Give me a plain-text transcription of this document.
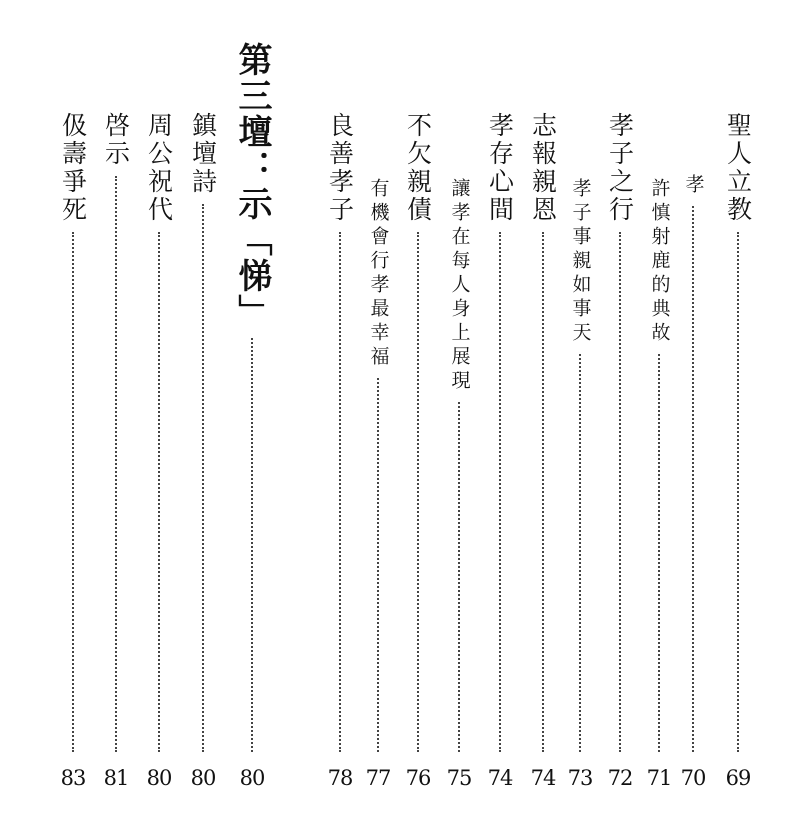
聖人立教
69
孝
70
許慎射鹿的典故
71
孝子之行
72
孝子事親如事天
73
志報親恩
74
孝存心間
74
讓孝在每人身上展現
75
不欠親債
76
有機會行孝最幸福
77
良善孝子
78
第三壇：示「悌」
80
鎮壇詩
80
周公祝代
80
啓示
81
伋壽爭死
83
